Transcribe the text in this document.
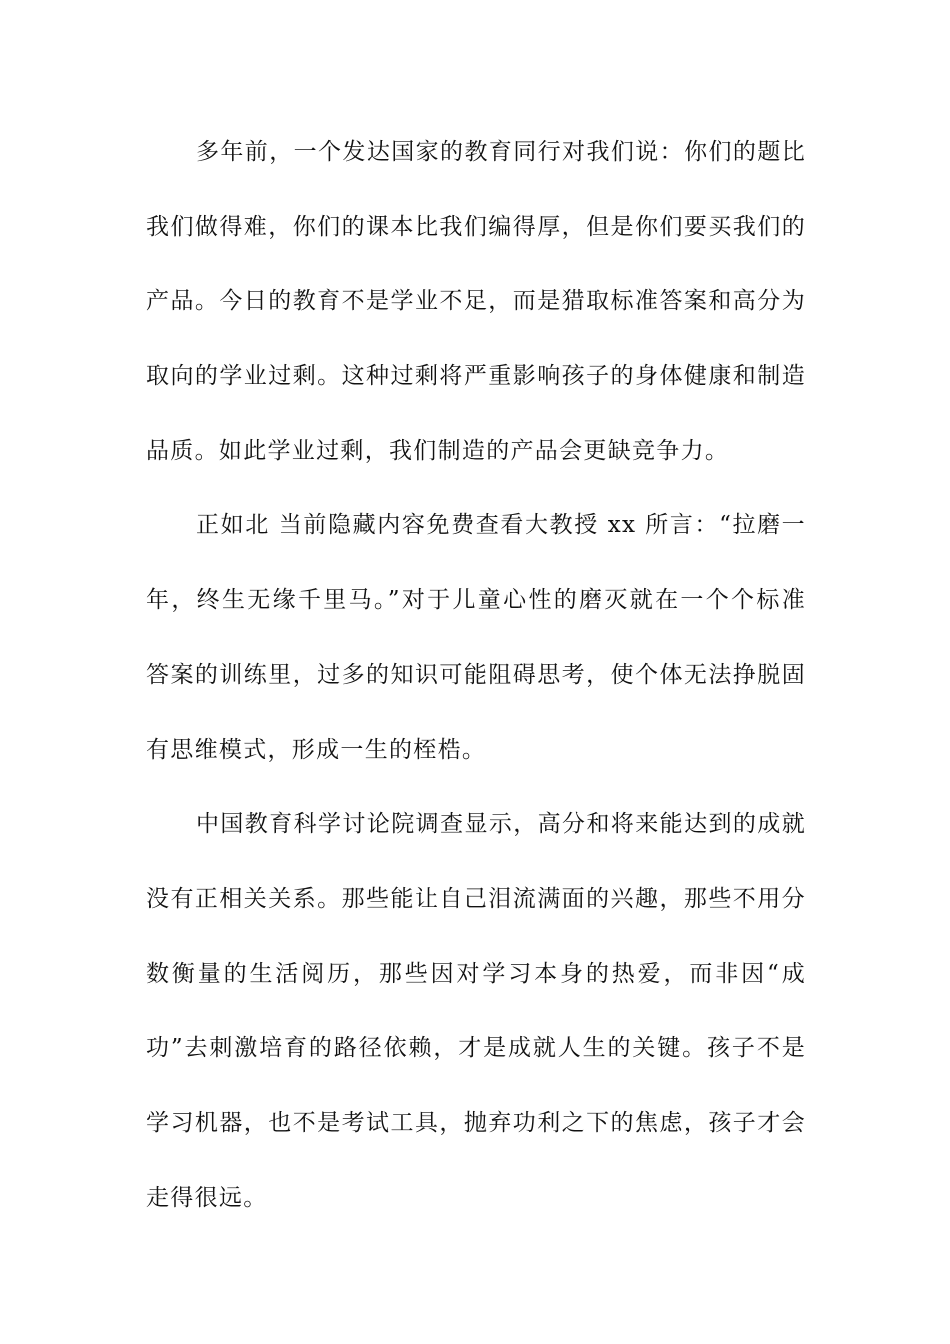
多年前，一个发达国家的教育同行对我们说：你们的题比
我们做得难，你们的课本比我们编得厚，但是你们要买我们的
产品。今日的教育不是学业不足，而是猎取标准答案和高分为
取向的学业过剩。这种过剩将严重影响孩子的身体健康和制造
品质。如此学业过剩，我们制造的产品会更缺竞争力。
正如北 当前隐藏内容免费查看大教授 xx 所言：“拉磨一
年，终生无缘千里马。”对于儿童心性的磨灭就在一个个标准
答案的训练里，过多的知识可能阻碍思考，使个体无法挣脱固
有思维模式，形成一生的桎梏。
中国教育科学讨论院调查显示，高分和将来能达到的成就
没有正相关关系。那些能让自己泪流满面的兴趣，那些不用分
数衡量的生活阅历，那些因对学习本身的热爱，而非因“成
功”去刺激培育的路径依赖，才是成就人生的关键。孩子不是
学习机器，也不是考试工具，抛弃功利之下的焦虑，孩子才会
走得很远。
